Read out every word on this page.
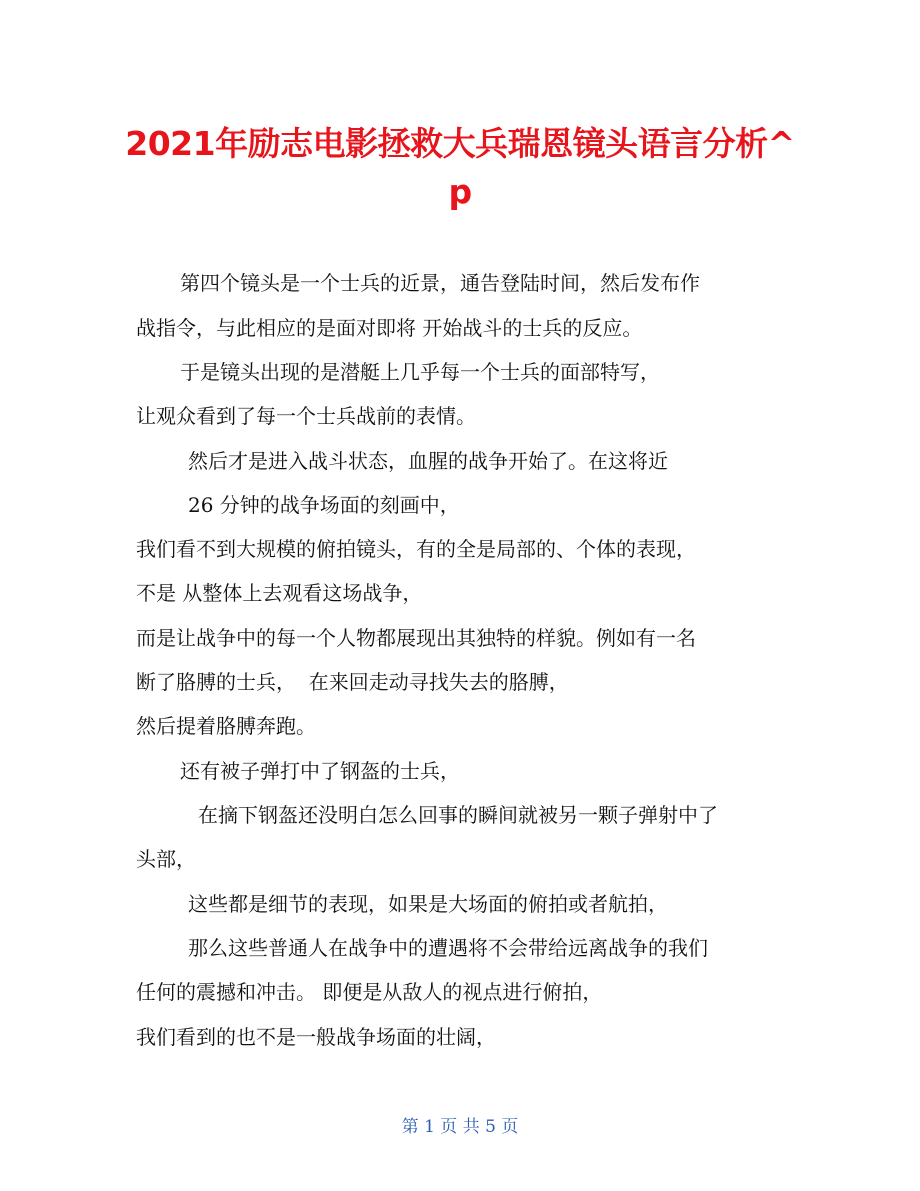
2021年励志电影拯救大兵瑞恩镜头语言分析^
p
第四个镜头是一个士兵的近景，通告登陆时间，然后发布作
战指令，与此相应的是面对即将 开始战斗的士兵的反应。
于是镜头出现的是潜艇上几乎每一个士兵的面部特写，
让观众看到了每一个士兵战前的表情。
然后才是进入战斗状态，血腥的战争开始了。在这将近
26 分钟的战争场面的刻画中，
我们看不到大规模的俯拍镜头，有的全是局部的、个体的表现，
不是 从整体上去观看这场战争，
而是让战争中的每一个人物都展现出其独特的样貌。例如有一名
断了胳膊的士兵，  在来回走动寻找失去的胳膊，
然后提着胳膊奔跑。
还有被子弹打中了钢盔的士兵，
在摘下钢盔还没明白怎么回事的瞬间就被另一颗子弹射中了
头部，
这些都是细节的表现，如果是大场面的俯拍或者航拍，
那么这些普通人在战争中的遭遇将不会带给远离战争的我们
任何的震撼和冲击。 即便是从敌人的视点进行俯拍，
我们看到的也不是一般战争场面的壮阔，
第 1 页 共 5 页
